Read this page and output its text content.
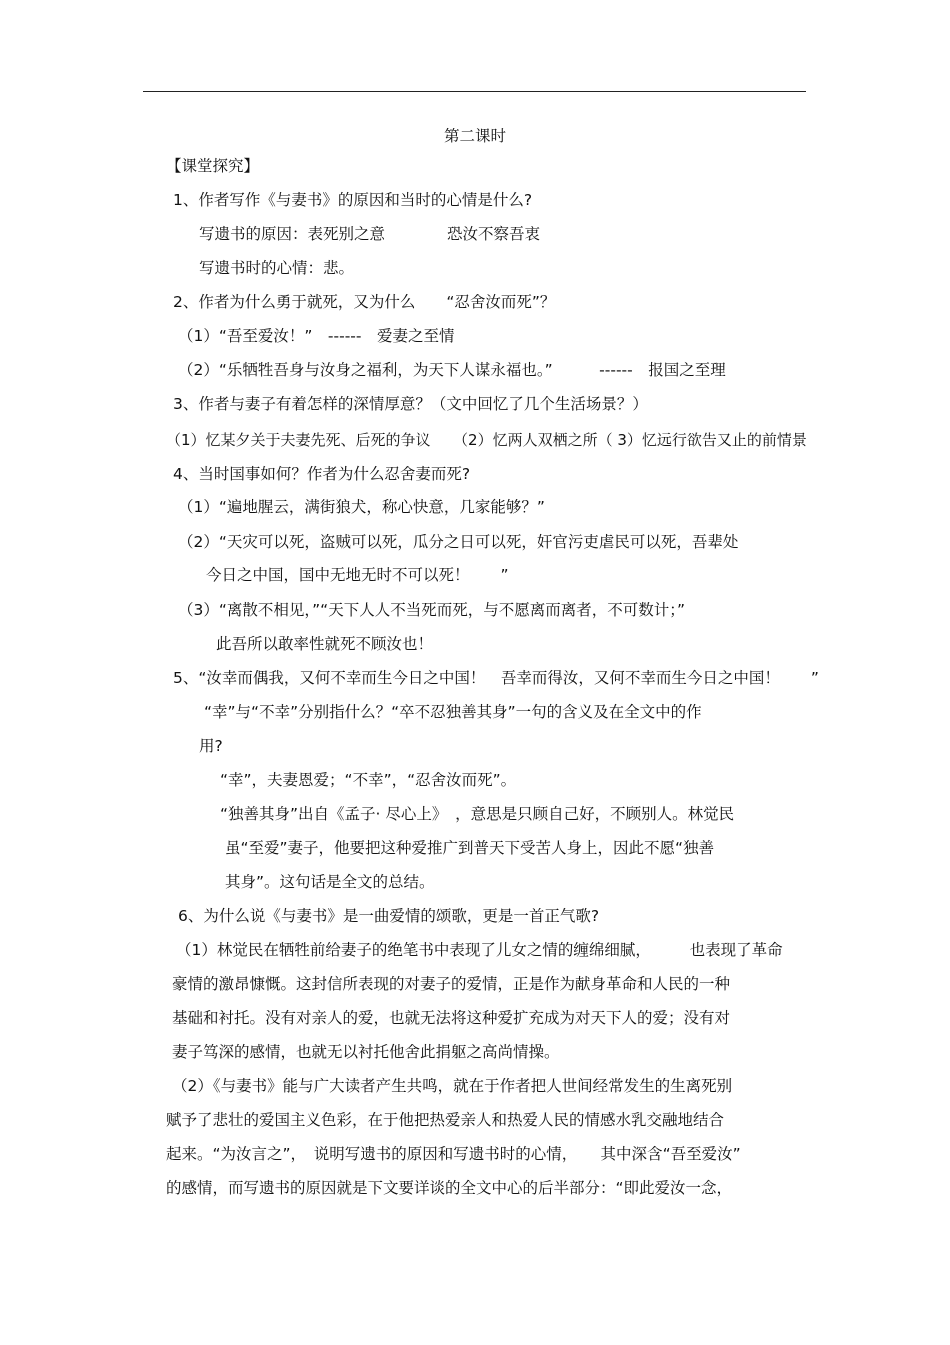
第二课时
【课堂探究】
1、作者写作《与妻书》的原因和当时的心情是什么?
写遗书的原因：表死别之意　　　　恐汝不察吾衷
写遗书时的心情：悲。
2、作者为什么勇于就死，又为什么　　“忍舍汝而死”？
（1）“吾至爱汝！”　------　爱妻之至情
（2）“乐牺牲吾身与汝身之福利，为天下人谋永福也。”　　　------　报国之至理
3、作者与妻子有着怎样的深情厚意？（文中回忆了几个生活场景？）
（1）忆某夕关于夫妻先死、后死的争议　　（2）忆两人双栖之所（ 3）忆远行欲告又止的前情景
4、当时国事如何？作者为什么忍舍妻而死?
（1）“遍地腥云，满街狼犬，称心快意，几家能够？”
（2）“天灾可以死，盗贼可以死，瓜分之日可以死，奸官污吏虐民可以死，吾辈处
今日之中国，国中无地无时不可以死！　　”
（3）“离散不相见，”“天下人人不当死而死，与不愿离而离者，不可数计；”
此吾所以敢率性就死不顾汝也！
5、“汝幸而偶我，又何不幸而生今日之中国！　吾幸而得汝，又何不幸而生今日之中国！　　”
“幸”与“不幸”分别指什么？“卒不忍独善其身”一句的含义及在全文中的作
用?
“幸”，夫妻恩爱；“不幸”，“忍舍汝而死”。
“独善其身”出自《孟子· 尽心上》　，意思是只顾自己好，不顾别人。林觉民
虽“至爱”妻子，他要把这种爱推广到普天下受苦人身上，因此不愿“独善
其身”。这句话是全文的总结。
6、为什么说《与妻书》是一曲爱情的颂歌，更是一首正气歌?
（1）林觉民在牺牲前给妻子的绝笔书中表现了儿女之情的缠绵细腻，　　　也表现了革命
豪情的激昂慷慨。这封信所表现的对妻子的爱情，正是作为献身革命和人民的一种
基础和衬托。没有对亲人的爱，也就无法将这种爱扩充成为对天下人的爱；没有对
妻子笃深的感情，也就无以衬托他舍此捐躯之高尚情操。
（2）《与妻书》能与广大读者产生共鸣，就在于作者把人世间经常发生的生离死别
赋予了悲壮的爱国主义色彩，在于他把热爱亲人和热爱人民的情感水乳交融地结合
起来。“为汝言之”，　说明写遗书的原因和写遗书时的心情，　　其中深含“吾至爱汝”
的感情，而写遗书的原因就是下文要详谈的全文中心的后半部分：“即此爱汝一念，
